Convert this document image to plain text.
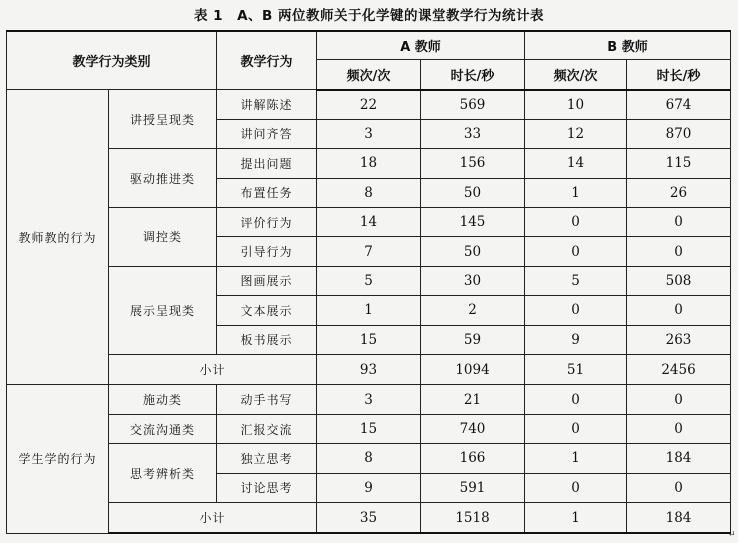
表 1　A、B 两位教师关于化学键的课堂教学行为统计表
教学行为类别		教学行为	A 教师		B 教师	
			频次/次	时长/秒	频次/次	时长/秒
教师教的行为	讲授呈现类	讲解陈述	22	569	10	674
		讲问齐答	3	33	12	870
	驱动推进类	提出问题	18	156	14	115
		布置任务	8	50	1	26
	调控类	评价行为	14	145	0	0
		引导行为	7	50	0	0
	展示呈现类	图画展示	5	30	5	508
		文本展示	1	2	0	0
		板书展示	15	59	9	263
	小计		93	1094	51	2456
学生学的行为	施动类	动手书写	3	21	0	0
	交流沟通类	汇报交流	15	740	0	0
	思考辨析类	独立思考	8	166	1	184
		讨论思考	9	591	0	0
	小计		35	1518	1	184
↵
